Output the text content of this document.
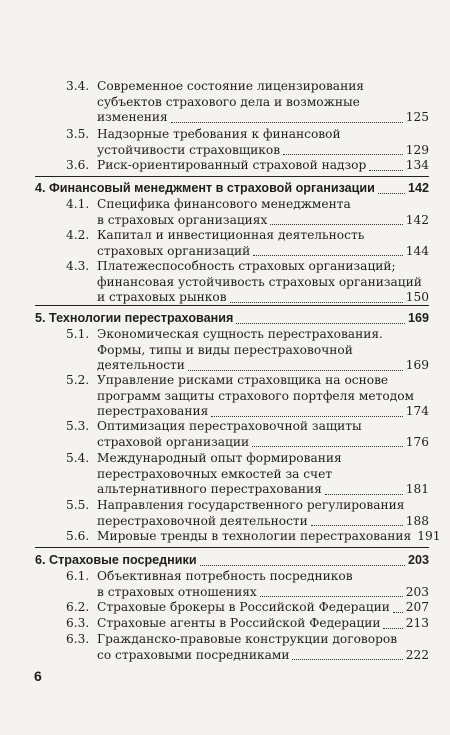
3.4. Современное состояние лицензирования
субъектов страхового дела и возможные
изменения	125
3.5. Надзорные требования к финансовой
устойчивости страховщиков	129
3.6. Риск-ориентированный страховой надзор	134
4. Финансовый менеджмент в страховой организации	142
4.1. Специфика финансового менеджмента
в страховых организациях	142
4.2. Капитал и инвестиционная деятельность
страховых организаций	144
4.3. Платежеспособность страховых организаций;
финансовая устойчивость страховых организаций
и страховых рынков	150
5. Технологии перестрахования	169
5.1. Экономическая сущность перестрахования.
Формы, типы и виды перестраховочной
деятельности	169
5.2. Управление рисками страховщика на основе
программ защиты страхового портфеля методом
перестрахования	174
5.3. Оптимизация перестраховочной защиты
страховой организации	176
5.4. Международный опыт формирования
перестраховочных емкостей за счет
альтернативного перестрахования	181
5.5. Направления государственного регулирования
перестраховочной деятельности	188
5.6. Мировые тренды в технологии перестрахования 191
6. Страховые посредники	203
6.1. Объективная потребность посредников
в страховых отношениях	203
6.2. Страховые брокеры в Российской Федерации 207
6.3. Страховые агенты в Российской Федерации 213
6.3. Гражданско-правовые конструкции договоров
со страховыми посредниками	222
6
